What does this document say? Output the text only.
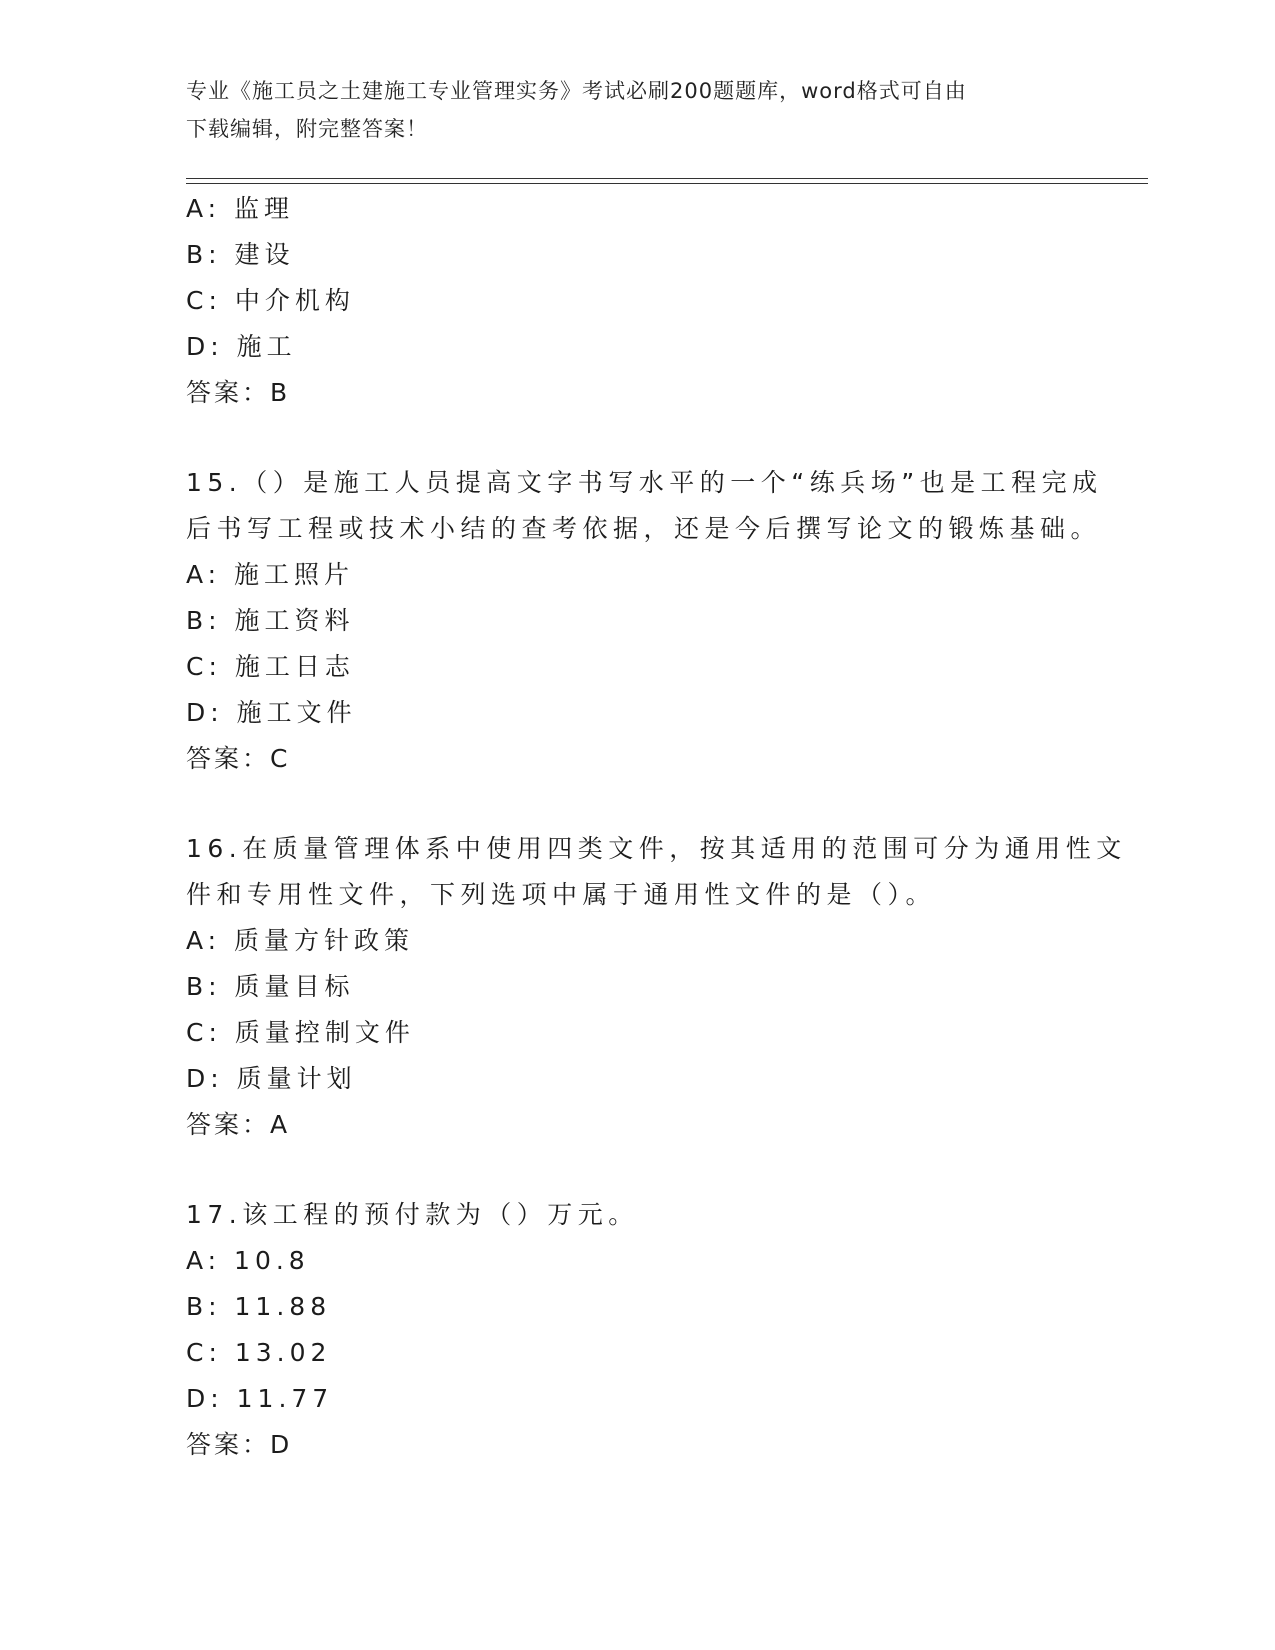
专业《施工员之土建施工专业管理实务》考试必刷200题题库，word格式可自由
下载编辑，附完整答案！
A: 监理
B: 建设
C: 中介机构
D: 施工
答案：B
15.（）是施工人员提高文字书写水平的一个“练兵场”也是工程完成
后书写工程或技术小结的查考依据，还是今后撰写论文的锻炼基础。
A: 施工照片
B: 施工资料
C: 施工日志
D: 施工文件
答案：C
16.在质量管理体系中使用四类文件，按其适用的范围可分为通用性文
件和专用性文件，下列选项中属于通用性文件的是（）。
A: 质量方针政策
B: 质量目标
C: 质量控制文件
D: 质量计划
答案：A
17.该工程的预付款为（）万元。
A: 10.8
B: 11.88
C: 13.02
D: 11.77
答案：D
